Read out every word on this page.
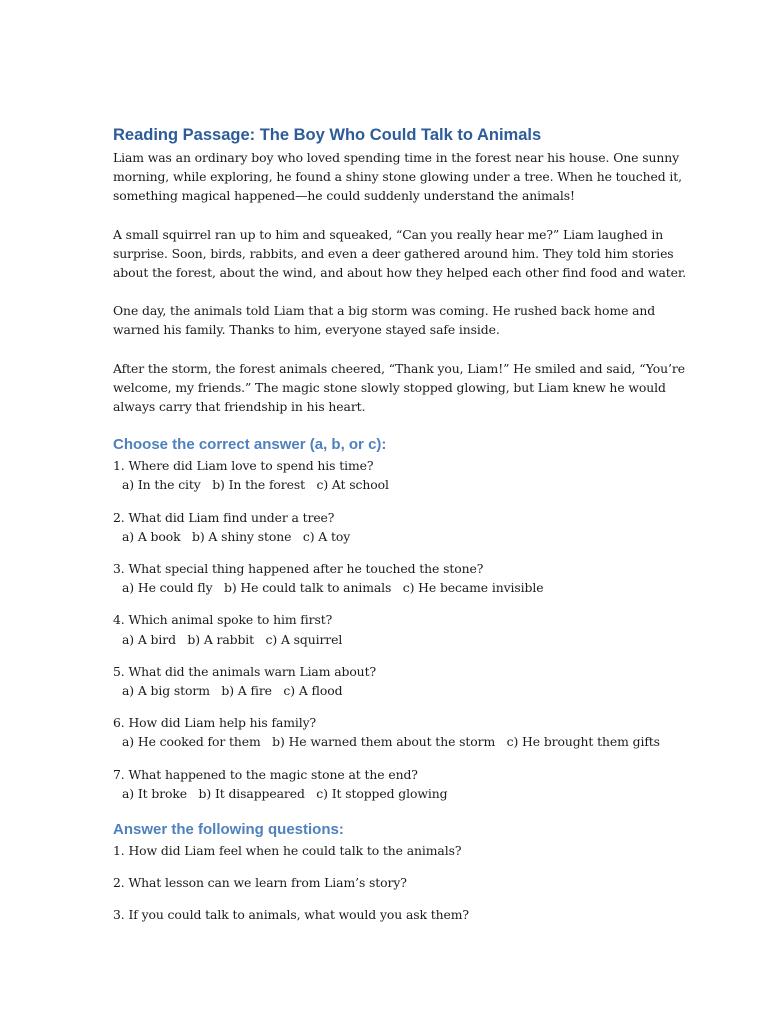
Reading Passage: The Boy Who Could Talk to Animals

Liam was an ordinary boy who loved spending time in the forest near his house. One sunny

morning, while exploring, he found a shiny stone glowing under a tree. When he touched it,

something magical happened—he could suddenly understand the animals!

A small squirrel ran up to him and squeaked, “Can you really hear me?” Liam laughed in

surprise. Soon, birds, rabbits, and even a deer gathered around him. They told him stories

about the forest, about the wind, and about how they helped each other find food and water.

One day, the animals told Liam that a big storm was coming. He rushed back home and

warned his family. Thanks to him, everyone stayed safe inside.

After the storm, the forest animals cheered, “Thank you, Liam!” He smiled and said, “You’re

welcome, my friends.” The magic stone slowly stopped glowing, but Liam knew he would

always carry that friendship in his heart.

Choose the correct answer (a, b, or c):

1. Where did Liam love to spend his time?

a) In the city   b) In the forest   c) At school

2. What did Liam find under a tree?

a) A book   b) A shiny stone   c) A toy

3. What special thing happened after he touched the stone?

a) He could fly   b) He could talk to animals   c) He became invisible

4. Which animal spoke to him first?

a) A bird   b) A rabbit   c) A squirrel

5. What did the animals warn Liam about?

a) A big storm   b) A fire   c) A flood

6. How did Liam help his family?

a) He cooked for them   b) He warned them about the storm   c) He brought them gifts

7. What happened to the magic stone at the end?

a) It broke   b) It disappeared   c) It stopped glowing

Answer the following questions:

1. How did Liam feel when he could talk to the animals?

2. What lesson can we learn from Liam’s story?

3. If you could talk to animals, what would you ask them?
